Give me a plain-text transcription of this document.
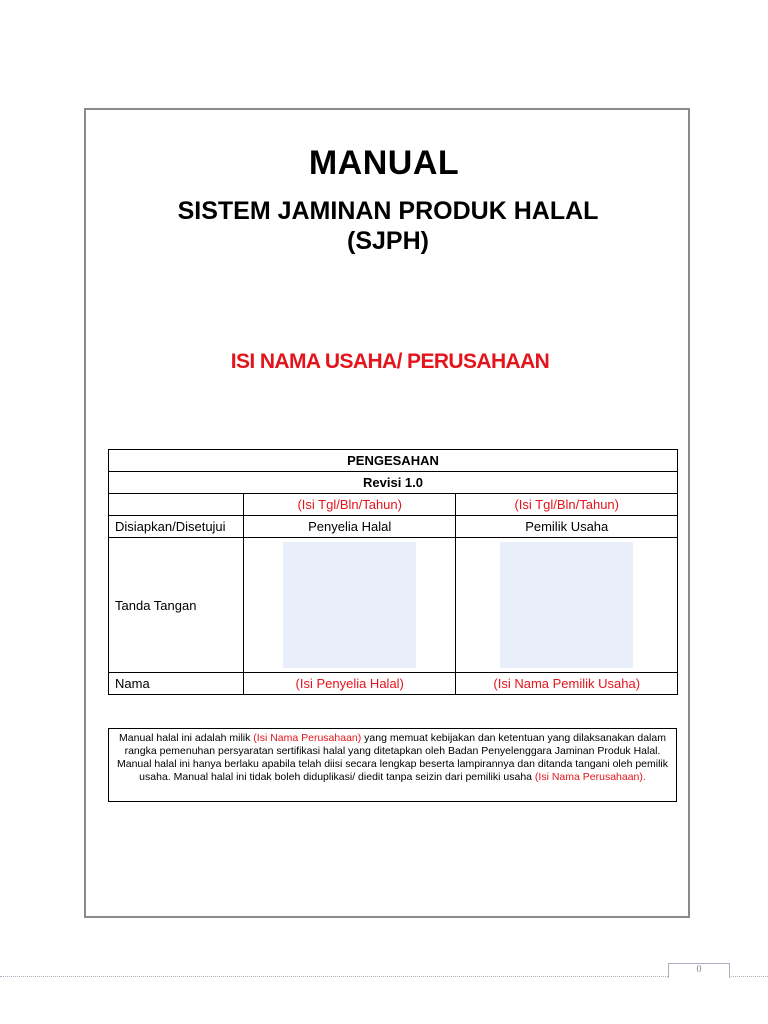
MANUAL
SISTEM JAMINAN PRODUK HALAL
(SJPH)
ISI NAMA USAHA/ PERUSAHAAN
PENGESAHAN		
Revisi 1.0		
	(Isi Tgl/Bln/Tahun)	(Isi Tgl/Bln/Tahun)
Disiapkan/Disetujui	Penyelia Halal	Pemilik Usaha
Tanda Tangan	

Nama	(Isi Penyelia Halal)	(Isi Nama Pemilik Usaha)
Manual halal ini adalah milik (Isi Nama Perusahaan) yang memuat kebijakan dan ketentuan yang dilaksanakan dalam rangka pemenuhan persyaratan sertifikasi halal yang ditetapkan oleh Badan Penyelenggara Jaminan Produk Halal. Manual halal ini hanya berlaku apabila telah diisi secara lengkap beserta lampirannya dan ditanda tangani oleh pemilik usaha. Manual halal ini tidak boleh diduplikasi/ diedit tanpa seizin dari pemiliki usaha (Isi Nama Perusahaan).
0
